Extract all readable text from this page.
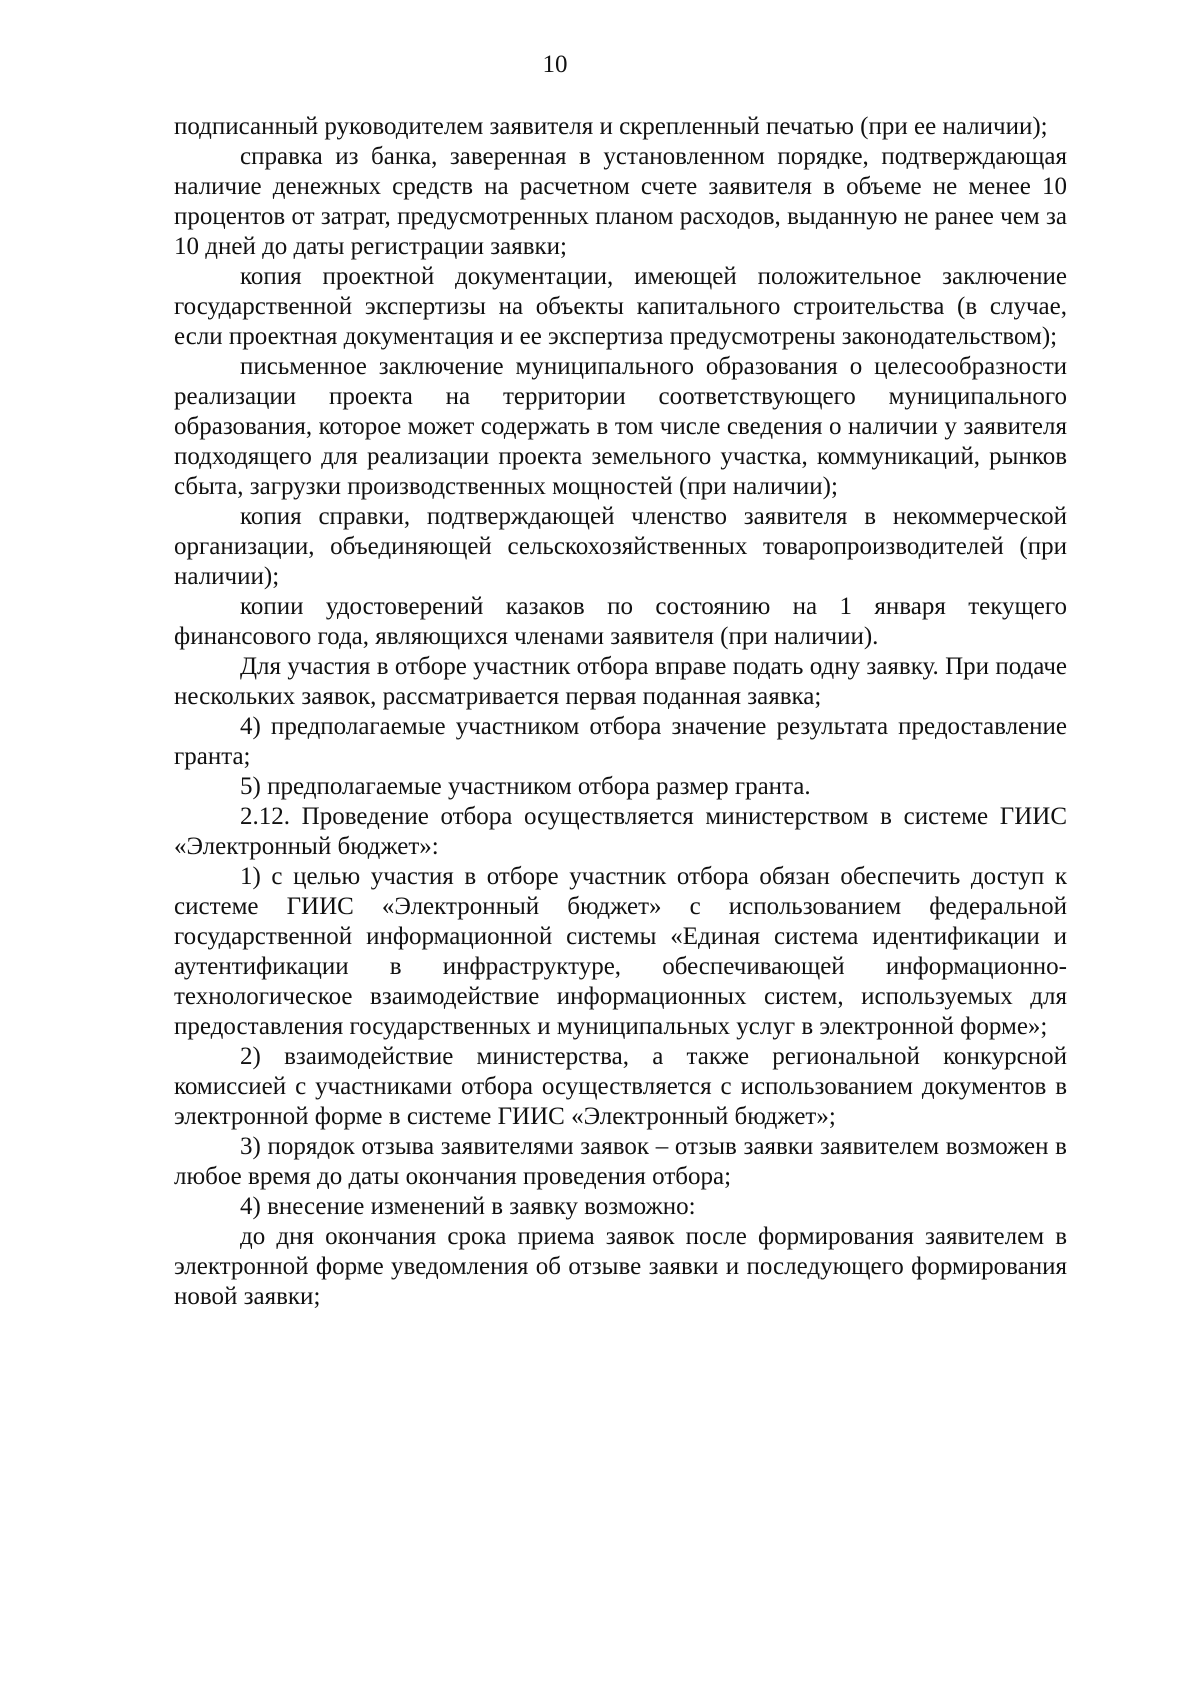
10

подписанный руководителем заявителя и скрепленный печатью (при ее наличии);

справка из банка, заверенная в установленном порядке, подтверждающая наличие денежных средств на расчетном счете заявителя в объеме не менее 10 процентов от затрат, предусмотренных планом расходов, выданную не ранее чем за 10 дней до даты регистрации заявки;

копия проектной документации, имеющей положительное заключение государственной экспертизы на объекты капитального строительства (в случае, если проектная документация и ее экспертиза предусмотрены законодательством);

письменное заключение муниципального образования о целесообразности реализации проекта на территории соответствующего муниципального образования, которое может содержать в том числе сведения о наличии у заявителя подходящего для реализации проекта земельного участка, коммуникаций, рынков сбыта, загрузки производственных мощностей (при наличии);

копия справки, подтверждающей членство заявителя в некоммерческой организации, объединяющей сельскохозяйственных товаропроизводителей (при наличии);

копии удостоверений казаков по состоянию на 1 января текущего финансового года, являющихся членами заявителя (при наличии).

Для участия в отборе участник отбора вправе подать одну заявку. При подаче нескольких заявок, рассматривается первая поданная заявка;

4) предполагаемые участником отбора значение результата предоставление гранта;

5) предполагаемые участником отбора размер гранта.

2.12. Проведение отбора осуществляется министерством в системе ГИИС «Электронный бюджет»:

1) с целью участия в отборе участник отбора обязан обеспечить доступ к системе ГИИС «Электронный бюджет» с использованием федеральной государственной информационной системы «Единая система идентификации и аутентификации в инфраструктуре, обеспечивающей информационно-технологическое взаимодействие информационных систем, используемых для предоставления государственных и муниципальных услуг в электронной форме»;

2) взаимодействие министерства, а также региональной конкурсной комиссией с участниками отбора осуществляется с использованием документов в электронной форме в системе ГИИС «Электронный бюджет»;

3) порядок отзыва заявителями заявок – отзыв заявки заявителем возможен в любое время до даты окончания проведения отбора;

4) внесение изменений в заявку возможно:

до дня окончания срока приема заявок после формирования заявителем в электронной форме уведомления об отзыве заявки и последующего формирования новой заявки;
